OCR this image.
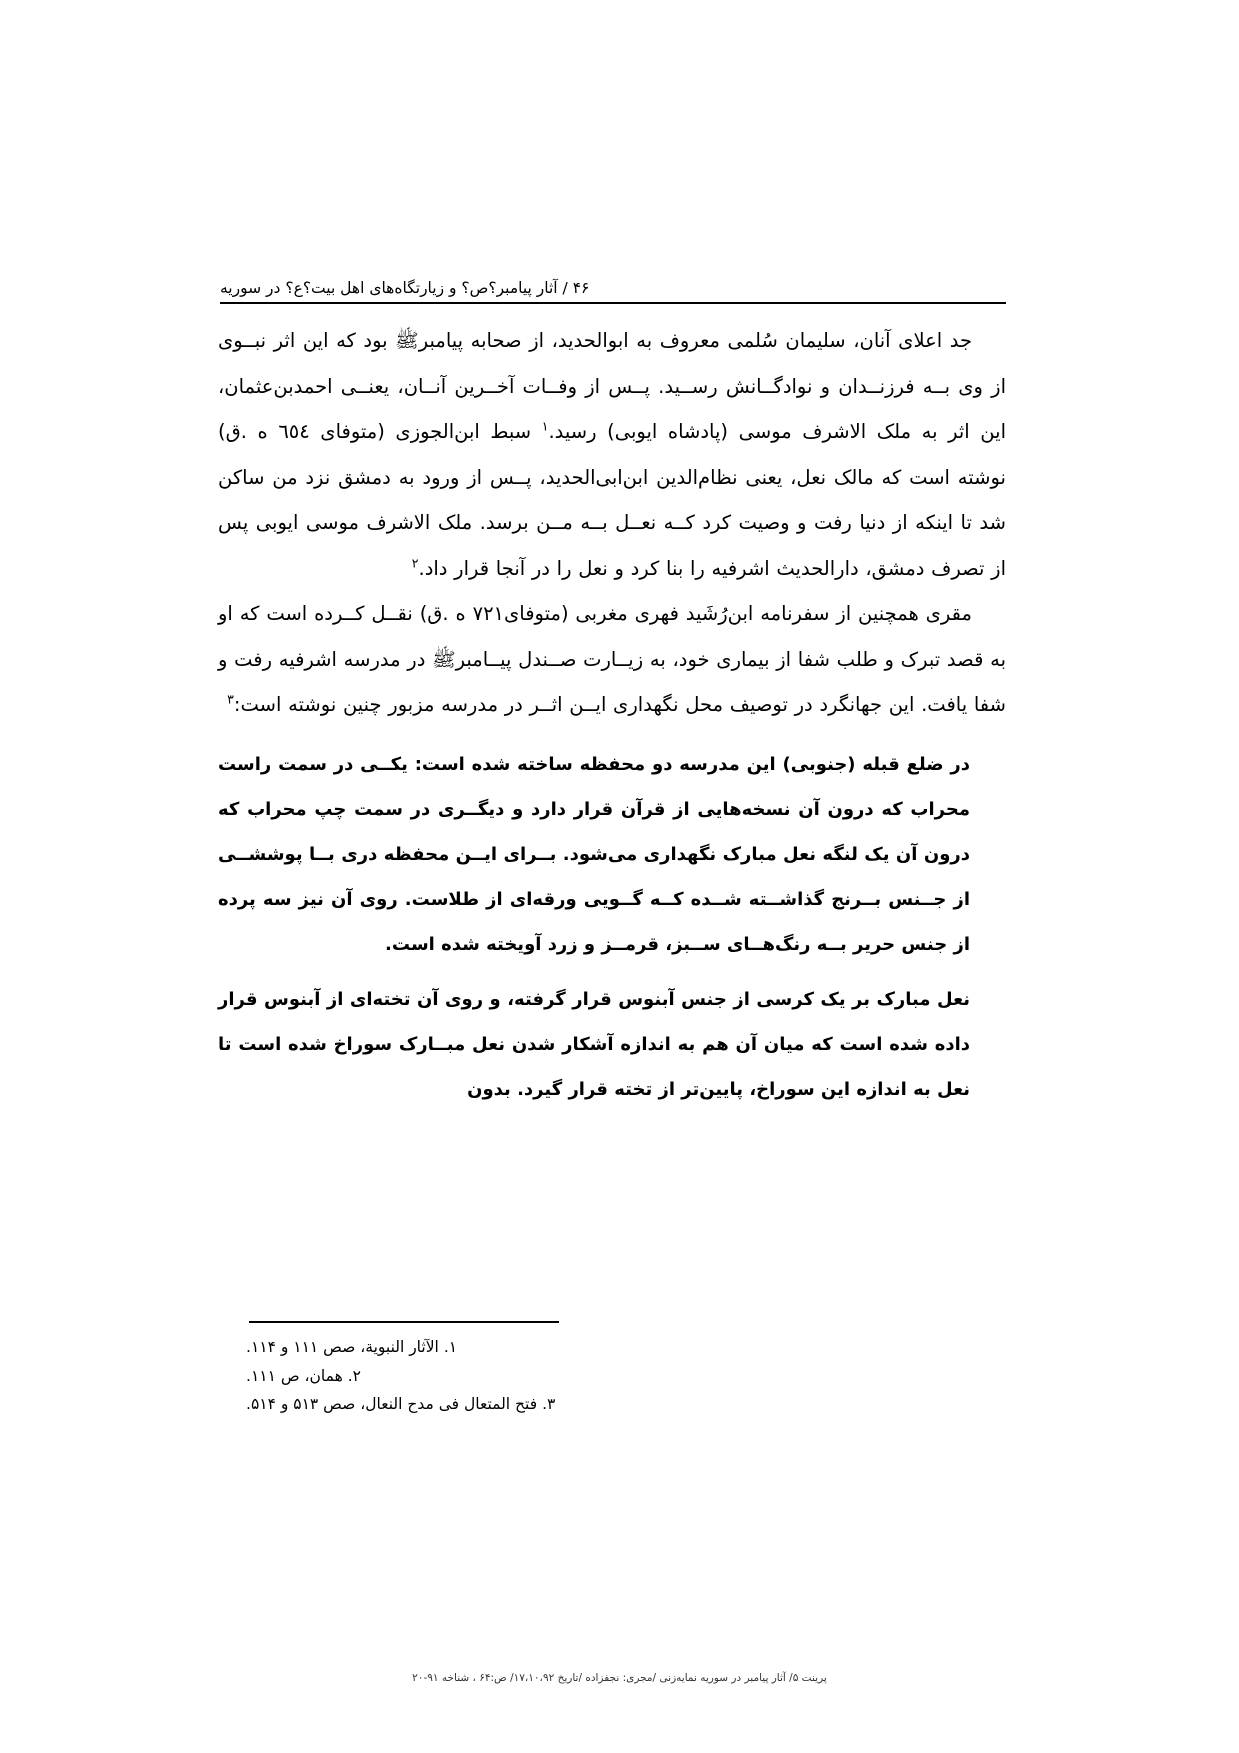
۶۴ / آثار پیامبر؟ص؟ و زیارتگاه‌های اهل بیت؟ع؟ در سوریه

جد اعلای آنان، سلیمان سُلمی معروف به ابوالحدید، از صحابه پیامبرﷺ بود که این اثر نبــوی از وی بــه فرزنــدان و نوادگــانش رســید. پــس از وفــات آخــرین آنــان، یعنــی احمدبن‌عثمان، این اثر به ملک الاشرف موسی (پادشاه ایوبی) رسید.$^۱$ سبط ابن‌الجوزی (متوفای ٦٥٤ ه .ق) نوشته است که مالک نعل، یعنی نظام‌الدین ابن‌ابی‌الحدید، پــس از ورود به دمشق نزد من ساکن شد تا اینکه از دنیا رفت و وصیت کرد کــه نعــل بــه مــن برسد. ملک الاشرف موسی ایوبی پس از تصرف دمشق، دارالحدیث اشرفیه را بنا کرد و نعل را در آنجا قرار داد.$^۲$

مقری همچنین از سفرنامه ابن‌رُشَید فهری مغربی (متوفای٧٢١ ه .ق) نقــل کــرده است که او به قصد تبرک و طلب شفا از بیماری خود، به زیــارت صــندل پیــامبرﷺ در مدرسه اشرفیه رفت و شفا یافت. این جهانگرد در توصیف محل نگهداری ایــن اثــر در مدرسه مزبور چنین نوشته است:$^۳$

در ضلع قبله (جنوبی) این مدرسه دو محفظه ساخته شده است: یکــی در سمت راست محراب که درون آن نسخه‌هایی از قرآن قرار دارد و دیگــری در سمت چپ محراب که درون آن یک لنگه نعل مبارک نگهداری می‌شود. بــرای ایــن محفظه دری بــا پوششــی از جــنس بــرنج گذاشــته شــده کــه گــویی ورقه‌ای از طلاست. روی آن نیز سه پرده از جنس حریر بــه رنگ‌هــای ســبز، قرمــز و زرد آویخته شده است.

نعل مبارک بر یک کرسی از جنس آبنوس قرار گرفته، و روی آن تخته‌ای از آبنوس قرار داده شده است که میان آن هم به اندازه آشکار شدن نعل مبــارک سوراخ شده است تا نعل به اندازه این سوراخ، پایین‌تر از تخته قرار گیرد. بدون

۱. الآثار النبویة، صص ۱۱۱ و ۱۱۴.
۲. همان، ص ۱۱۱.
۳. فتح المتعال فی مدح النعال، صص ۵۱۳ و ۵۱۴.
پرینت ۵/ آثار پیامبر در سوریه نمایه‌زنی /مجری: نجفزاده /تاریخ ۱۷،۱۰،۹۲/ ص:۶۴ ، شناخه ۹۱-۲۰
